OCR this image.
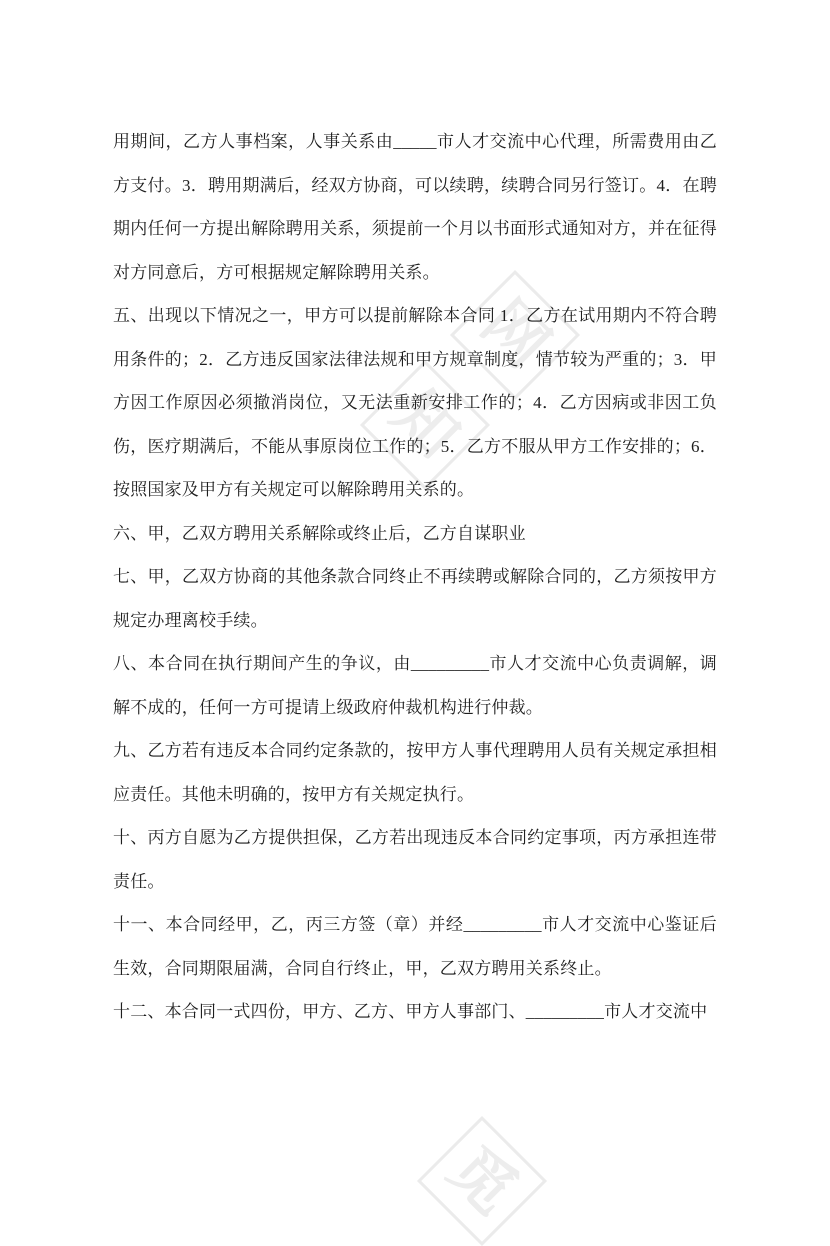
网
知
觅

用期间，乙方人事档案，人事关系由_____市人才交流中心代理，所需费用由乙方支付。3．聘用期满后，经双方协商，可以续聘，续聘合同另行签订。4．在聘期内任何一方提出解除聘用关系，须提前一个月以书面形式通知对方，并在征得对方同意后，方可根据规定解除聘用关系。

五、出现以下情况之一，甲方可以提前解除本合同 1．乙方在试用期内不符合聘用条件的；2．乙方违反国家法律法规和甲方规章制度，情节较为严重的；3．甲方因工作原因必须撤消岗位，又无法重新安排工作的；4．乙方因病或非因工负伤，医疗期满后，不能从事原岗位工作的；5．乙方不服从甲方工作安排的；6．按照国家及甲方有关规定可以解除聘用关系的。

六、甲，乙双方聘用关系解除或终止后，乙方自谋职业

七、甲，乙双方协商的其他条款合同终止不再续聘或解除合同的，乙方须按甲方规定办理离校手续。

八、本合同在执行期间产生的争议，由_________市人才交流中心负责调解，调解不成的，任何一方可提请上级政府仲裁机构进行仲裁。

九、乙方若有违反本合同约定条款的，按甲方人事代理聘用人员有关规定承担相应责任。其他未明确的，按甲方有关规定执行。

十、丙方自愿为乙方提供担保，乙方若出现违反本合同约定事项，丙方承担连带责任。

十一、本合同经甲，乙，丙三方签（章）并经_________市人才交流中心鉴证后生效，合同期限届满，合同自行终止，甲，乙双方聘用关系终止。

十二、本合同一式四份，甲方、乙方、甲方人事部门、_________市人才交流中
